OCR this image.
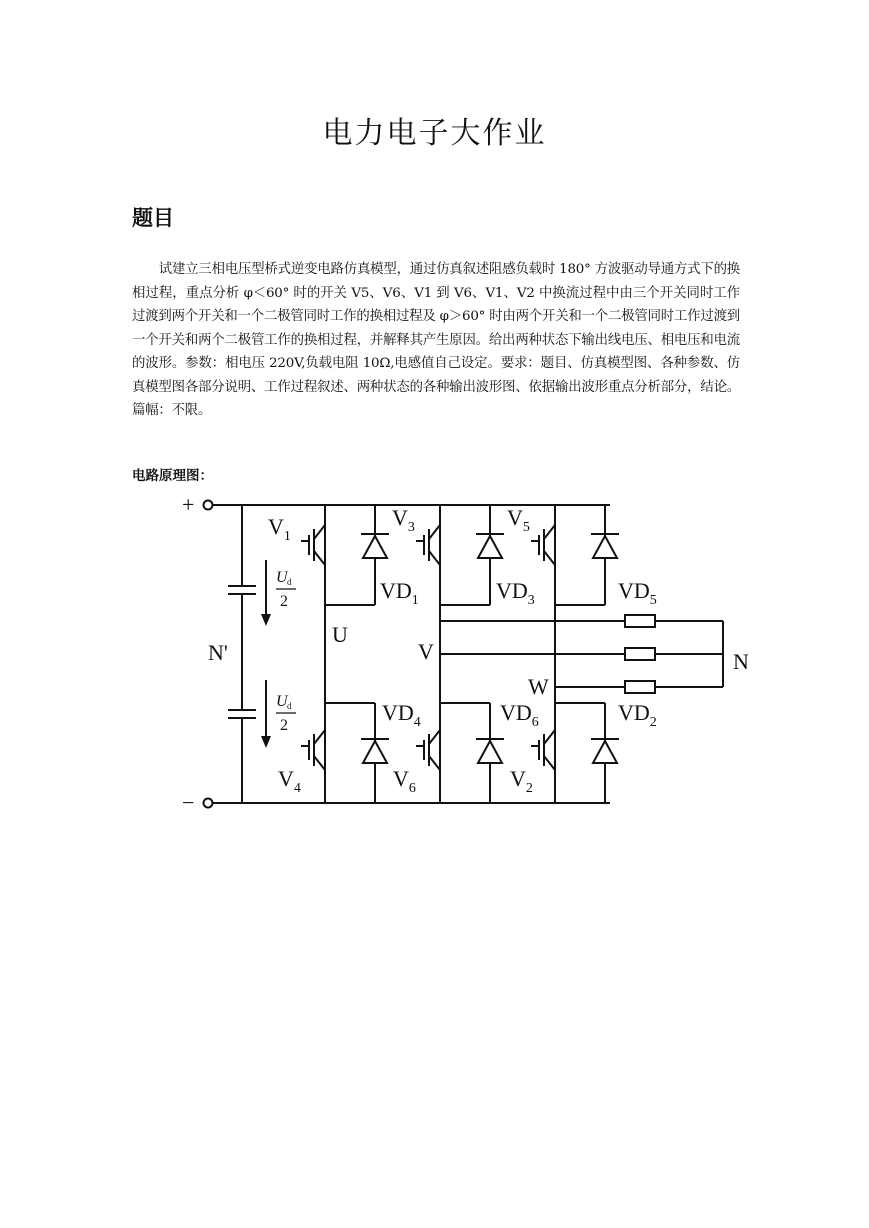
电力电子大作业
题目
试建立三相电压型桥式逆变电路仿真模型，通过仿真叙述阻感负载时 180° 方波驱动导通方式下的换相过程，重点分析 φ＜60° 时的开关 V5、V6、V1 到 V6、V1、V2 中换流过程中由三个开关同时工作过渡到两个开关和一个二极管同时工作的换相过程及 φ＞60° 时由两个开关和一个二极管同时工作过渡到一个开关和两个二极管工作的换相过程，并解释其产生原因。给出两种状态下输出线电压、相电压和电流的波形。参数：相电压 220V,负载电阻 10Ω,电感值自己设定。要求：题目、仿真模型图、各种参数、仿真模型图各部分说明、工作过程叙述、两种状态的各种输出波形图、依据输出波形重点分析部分，结论。篇幅：不限。
电路原理图：
+
−
N'	N
U d
2
U d
2
U
V
W
$V_1$
$V_3$	$V_5$
$V_4$	$V_6$	$V_2$
$VD_1$	$VD_3$	$VD_5$
$VD_4$	$VD_6$	$VD_2$
